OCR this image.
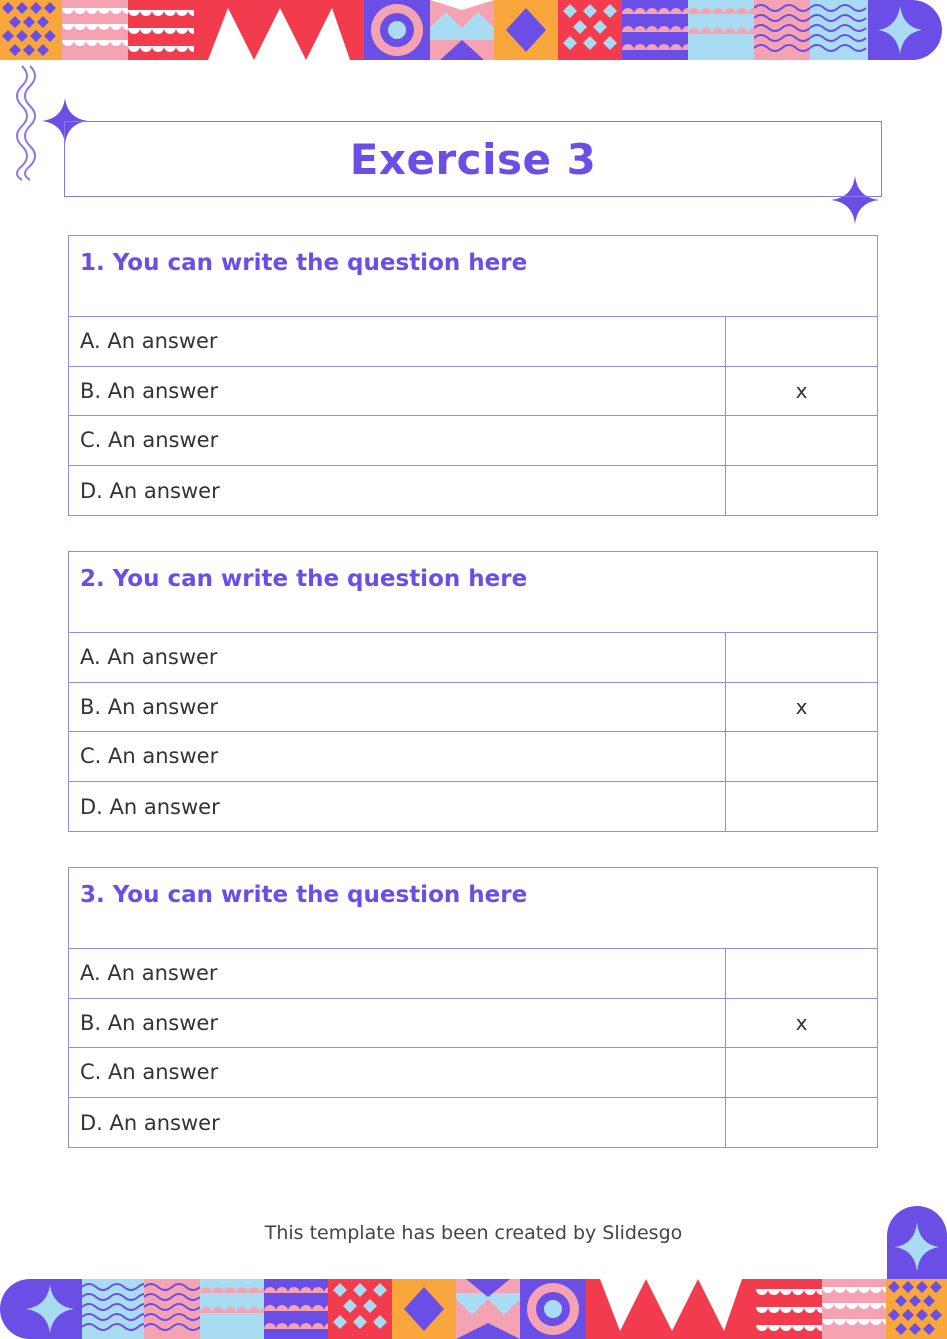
Exercise 3
1. You can write the question here
A. An answer
B. An answer	x
C. An answer
D. An answer
2. You can write the question here
A. An answer
B. An answer	x
C. An answer
D. An answer
3. You can write the question here
A. An answer
B. An answer	x
C. An answer
D. An answer
This template has been created by Slidesgo
